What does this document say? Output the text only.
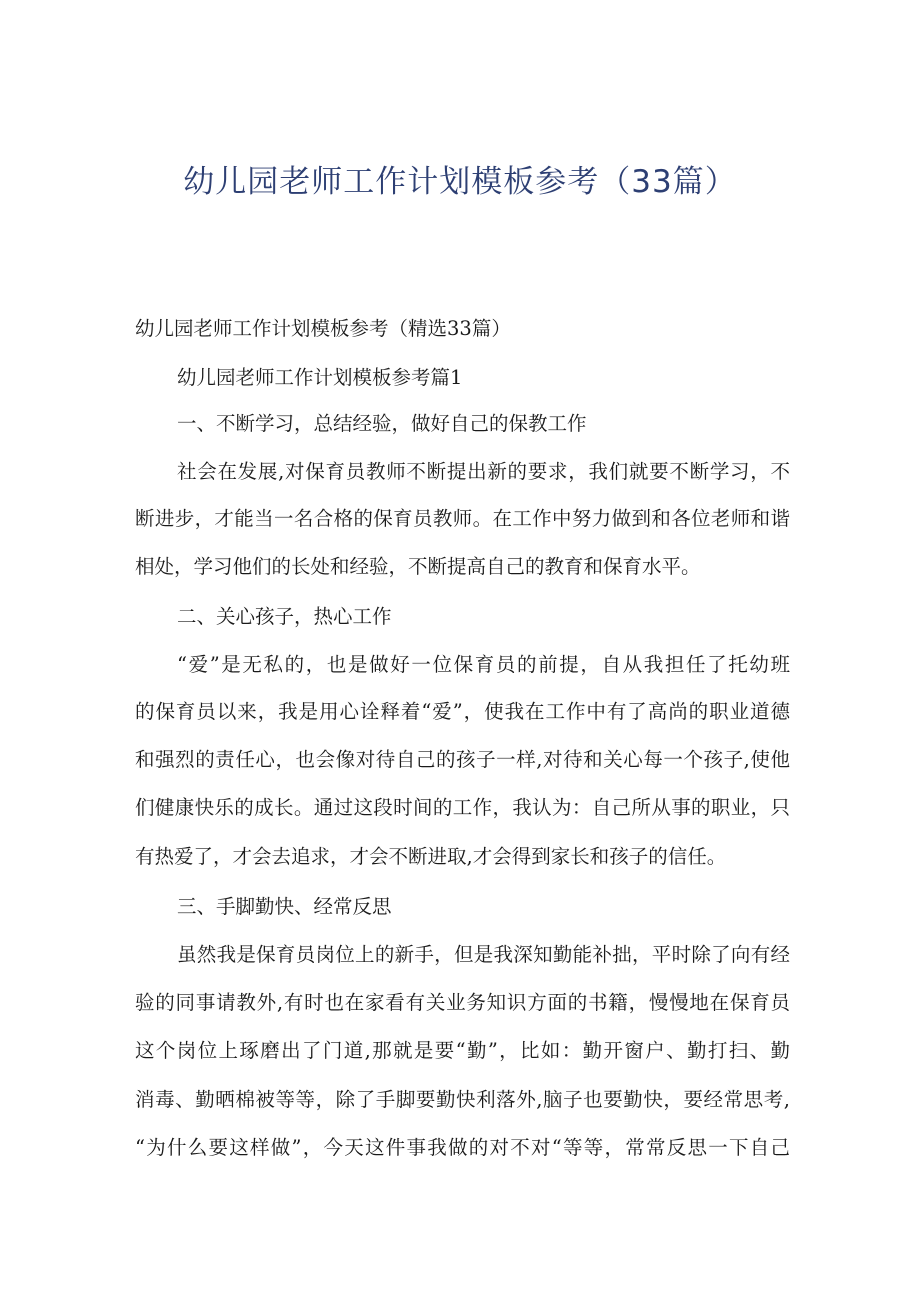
幼儿园老师工作计划模板参考（33篇）

幼儿园老师工作计划模板参考（精选33篇）

幼儿园老师工作计划模板参考篇1

一、不断学习，总结经验，做好自己的保教工作

社会在发展,对保育员教师不断提出新的要求，我们就要不断学习，不

断进步，才能当一名合格的保育员教师。在工作中努力做到和各位老师和谐

相处，学习他们的长处和经验，不断提高自己的教育和保育水平。

二、关心孩子，热心工作

“爱”是无私的，也是做好一位保育员的前提，自从我担任了托幼班

的保育员以来，我是用心诠释着“爱”，使我在工作中有了高尚的职业道德

和强烈的责任心，也会像对待自己的孩子一样,对待和关心每一个孩子,使他

们健康快乐的成长。通过这段时间的工作，我认为：自己所从事的职业，只

有热爱了，才会去追求，才会不断进取,才会得到家长和孩子的信任。

三、手脚勤快、经常反思

虽然我是保育员岗位上的新手，但是我深知勤能补拙，平时除了向有经

验的同事请教外,有时也在家看有关业务知识方面的书籍，慢慢地在保育员

这个岗位上琢磨出了门道,那就是要“勤”，比如：勤开窗户、勤打扫、勤

消毒、勤晒棉被等等，除了手脚要勤快利落外,脑子也要勤快，要经常思考,

“为什么要这样做”，今天这件事我做的对不对“等等，常常反思一下自己
